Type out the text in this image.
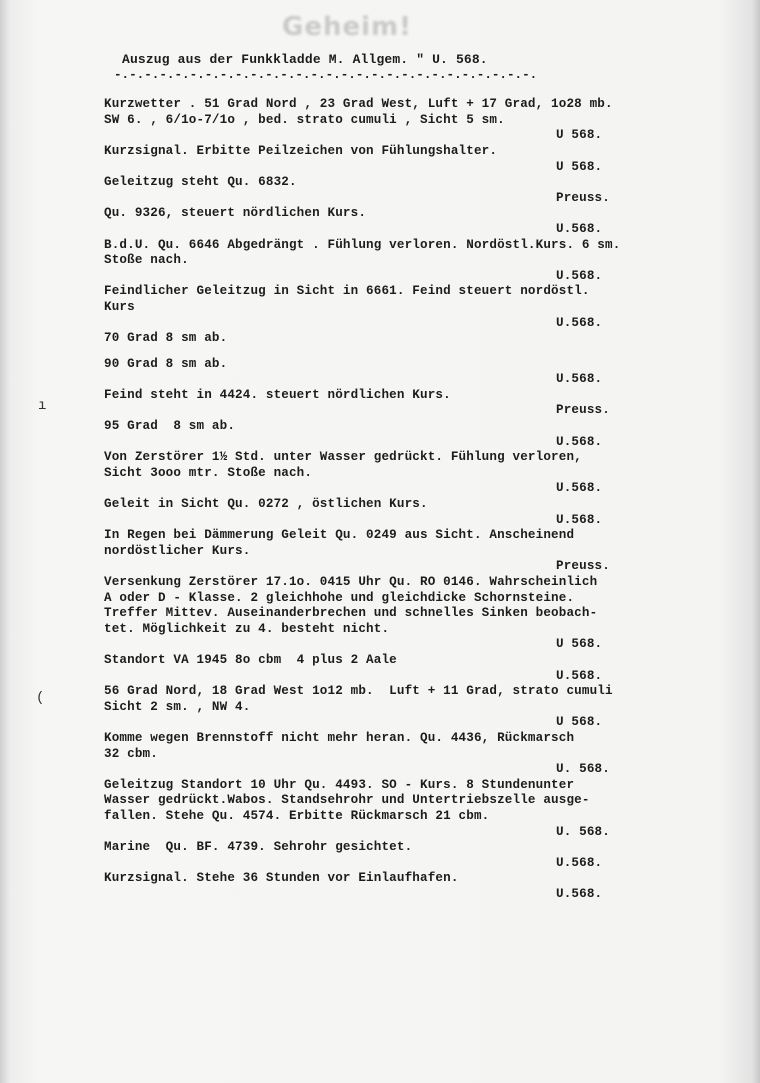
Geheim!
ı
(
Auszug aus der Funkkladde M. Allgem. " U. 568.
-.-.-.-.-.-.-.-.-.-.-.-.-.-.-.-.-.-.-.-.-.-.-.-.-.-.-.-.

Kurzwetter . 51 Grad Nord , 23 Grad West, Luft + 17 Grad, 1o28 mb.

SW 6. , 6/1o-7/1o , bed. strato cumuli , Sicht 5 sm.

U 568.

Kurzsignal. Erbitte Peilzeichen von Fühlungshalter.

U 568.

Geleitzug steht Qu. 6832.

Preuss.

Qu. 9326, steuert nördlichen Kurs.

U.568.

B.d.U. Qu. 6646 Abgedrängt . Fühlung verloren. Nordöstl.Kurs. 6 sm.

Stoße nach.

U.568.

Feindlicher Geleitzug in Sicht in 6661. Feind steuert nordöstl.

Kurs

U.568.

70 Grad 8 sm ab.

90 Grad 8 sm ab.

U.568.

Feind steht in 4424. steuert nördlichen Kurs.

Preuss.

95 Grad  8 sm ab.

U.568.

Von Zerstörer 1½ Std. unter Wasser gedrückt. Fühlung verloren,

Sicht 3ooo mtr. Stoße nach.

U.568.

Geleit in Sicht Qu. 0272 , östlichen Kurs.

U.568.

In Regen bei Dämmerung Geleit Qu. 0249 aus Sicht. Anscheinend

nordöstlicher Kurs.

Preuss.

Versenkung Zerstörer 17.1o. 0415 Uhr Qu. RO 0146. Wahrscheinlich

A oder D - Klasse. 2 gleichhohe und gleichdicke Schornsteine.

Treffer Mittev. Auseinanderbrechen und schnelles Sinken beobach-

tet. Möglichkeit zu 4. besteht nicht.

U 568.

Standort VA 1945 8o cbm  4 plus 2 Aale

U.568.

56 Grad Nord, 18 Grad West 1o12 mb.  Luft + 11 Grad, strato cumuli

Sicht 2 sm. , NW 4.

U 568.

Komme wegen Brennstoff nicht mehr heran. Qu. 4436, Rückmarsch

32 cbm.

U. 568.

Geleitzug Standort 10 Uhr Qu. 4493. SO - Kurs. 8 Stundenunter

Wasser gedrückt.Wabos. Standsehrohr und Untertriebszelle ausge-

fallen. Stehe Qu. 4574. Erbitte Rückmarsch 21 cbm.

U. 568.

Marine  Qu. BF. 4739. Sehrohr gesichtet.

U.568.

Kurzsignal. Stehe 36 Stunden vor Einlaufhafen.

U.568.
